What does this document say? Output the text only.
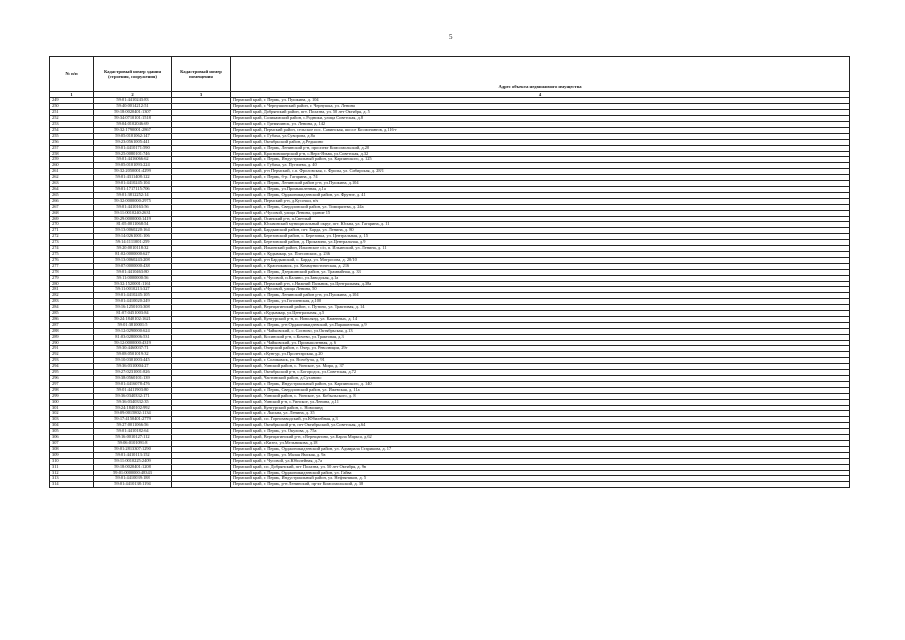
5
№ п/п	Кадастровый номер здания (строения, сооружения)	Кадастровый номер помещения	Адрес объекта недвижимого имущества
1	2	3	4
249	59:01:4410243:83		Пермский край, г. Пермь, ул. Пушкина, д. 104
250	59:40:0014212:51		Пермский край, г. Чернушинский район, г. Чернушка, ул. Ленина
251	59:18:0020401:1307		Пермский край, Добрянский район, пгт. Полазна, ул. 50 лет Октября, д. 5
252	59:34:0710101:1518		Пермский край, Соликамский район, с.Родники, улица Советская, д.8
253	59:04:0102046:69		Пермский край, г. Гремячинск, ул. Ленина, д. 142
254	59:32:1790001:2867		Пермский край, Пермский район, сельское пос. Савинская, шоссе Космонавтов, д.116-г
255	59:05:0101062:147		Пермский край, г. Губаха, ул.Суворова, д.8а
256	59:23:0561005:441		Пермский край, Октябрьский район, д.Редькино
257	59:01:4410171:590		Пермский край, г. Пермь, Ленинский р-н, проспект Комсомольский, д.20
258	59:25:0080101:746		Пермский край, Красновишерский р-н, с.Верх-Язьва, ул.Советская, д.32
259	59:01:4416066:62		Пермский край, г. Пермь, Индустриальный район, ул. Карпинского, д. 125
260	59:05:0101093:224		Пермский край, г. Губаха, ул. Пугачева, д. 40
261	59:32:2050001:4299		Пермский край, р-н Пермский, с.п. Фроловская, с. Фролы, ул. Сибирская, д. 28/1
262	59:01:4311408:122		Пермский край, г. Пермь, б-р. Гагарина, д. 74
263	59:01:4410245:104		Пермский край, г. Пермь, Ленинский район р-н, ул.Пушкина, д.104
264	59:01:1717115:706		Пермский край, г. Пермь, ул.Промышленная, д.1а
265	59:01:3812252:14		Пермский край, г. Пермь, Орджоникидзевский район, ул. Фрунзе, д. 41
266	59:32:0000000:2975		Пермский край, Пермский р-н, д.Кусочки, в/ч
267	59:01:4410163:56		Пермский край, г. Пермь, Свердловский район, ул. Тимирязева, д. 24а
268	59:11:0010240:2631		Пермский край, г.Чусовой, улица Ленина, здание 15
269	59:29:0000000:1419		Пермский край, Осинский р-н, п.Светлый
270	81:05:0011068:54		Пермский край, Юсьвинский муниципальный округ, пгт. Юсьва, ул. Гагарина, д. 11
271	59:13:0060220:164		Пермский край, Бардымский район, пгт. Барда, ул. Ленина, д. 80
272	59:14:0261001:106		Пермский край, Березовский район, с. Березовка, ул. Центральная, д. 15
273	59:14:1111001:259		Пермский край, Березовский район, д. Проказино, ул.Центральная, д.9
274	59:20:0010118:32		Пермский край, Ильинский район, Ильинское с/п, п. Ильинский, ул. Ленина, д. 11
275	81:02:0000000:627		Пермский край, г. Кудымкар, ул. Плесовских, д. 236
276	59:13:0060243:208		Пермский край, р-н Бардымский, с. Барда, ул. Матросова, д. 20/10
277	59:07:0000000:438		Пермский край, г. Краснокамск, ул. Коммунистическая, д. 216
278	59:01:4410463:80		Пермский край, г. Пермь, Дзержинский район, ул. Трамвайная, д. 33
279	59:11:0000000:56		Пермский край, г. Чусовой, п.Калино, ул.Заводская, д.1а
280	59:32:1520001:1161		Пермский край, Пермский р-н, с.Нижний Пальник, ул.Центральная, д.38а
281	59:11:0010213:327		Пермский край, г.Чусовой, улица Ленина, 50
282	59:01:4410245:105		Пермский край, г. Пермь, Ленинский район р-н, ул.Пушкина, д.104
283	59:01:4410020:249		Пермский край, г. Пермь, ул.Гоголевская, д.100
284	59:16:1250103:308		Пермский край, Верещагинский район, с. Путино, ул. Трактовая, д. 14
285	81:07:0451003:84		Пермский край, г.Кудымкар, ул.Центральная, д.5
286	59:24:1840102:1621		Пермский край, Кунгурский р-н, п. Новолянд, ул. Каменных, д. 14
287	59:01:3810001:5		Пермский край, г. Пермь, р-н Орджоникидзевский, ул.Парашютная, д.9
288	59:12:0290000:624		Пермский край, г. Чайковский, с. Сосново, ул.Октябрьская, д.13
289	81:03:0280006:531		Пермский край, Косинский р-н, с.Кочево, ул.Трактовая, д.3
290	59:12:0000000:4319		Пермский край, г. Чайковский, ул. Промышленная, д. 6
291	59:30:4460037:71		Пермский край, Очерский район, г. Очер, ул. Революции, 29г
292	59:08:0501019:32		Пермский край, г.Кунгур, ул.Пролетарская, д.20
293	59:10:0301003:445		Пермский край, г. Соликамск, ул. Всеобуча, д. 91
294	59:36:0310004:27		Пермский край, Уинский район, с. Уинское, ул. Мира, д. 37
295	59:27:0231001:826		Пермский край, Октябрьский р-н, с.Богородск, ул.Советская, д.72
296	59:38:0560101:139		Пермский край, Частинский район, д.Сухановo
297	59:01:4416078:476		Пермский край, г. Пермь, Индустриальный район, ул. Карпинского, д. 140
298	59:01:4411903:80		Пермский край, г. Пермь, Свердловский район, ул. Ижевская, д. 11а
299	59:36:0340332:171		Пермский край, Уинский район, с. Уинское, ул. Кобыльского, д. 8
300	59:36:0340332:35		Пермский край, Уинский р-н, с.Уинское, ул.Ленина, д.11
301	59:24:1840102:992		Пермский край, Кунгурский район, с. Новолянд
302	59:09:0015802:1134		Пермский край, г. Лысьва, ул. Ленина, д. 35
303	59:17:4150401:2779		Пермский край, г.п. Горнозаводский, ул.Юбилейная, д.3
304	59:27:0011066:56		Пермский край, Октябрьский р-н, пгт Октябрьский, ул.Советская, д.64
305	59:01:4410182:64		Пермский край, г. Пермь, ул. Окулова, д. 75а
306	59:16:0010127:112		Пермский край, Верещагинский р-н, г.Верещагино, ул.Карла Маркса, д.62
307	59:06:0101091:8		Пермский край, г.Кизел, ул.Мельникова, д.18
308	59:01:2813307:1290		Пермский край, г. Пермь, Орджоникидзевский район, ул. Адмирала Старикова, д. 17
309	59:01:4410113:152		Пермский край, г. Пермь, ул. Малая Ямская, д. 9а
310	59:11:0010225:2409		Пермский край, г. Чусовой, ул.Юбилейная, д.7а
311	59:18:0020401:1208		Пермский край, г.п. Добрянский, пгт Полазна, ул. 50 лет Октября, д. 9в
312	59:01:0000000:48343		Пермский край, г. Пермь, Орджоникидзевский район, ул. Гайва
313	59:01:4410039:188		Пермский край, г. Пермь, Индустриальный район, ул. Нефтяников, д. 5
314	59:01:4410138:1194		Пермский край, г. Пермь, р-н Ленинский, пр-кт Комсомольский, д. 38
